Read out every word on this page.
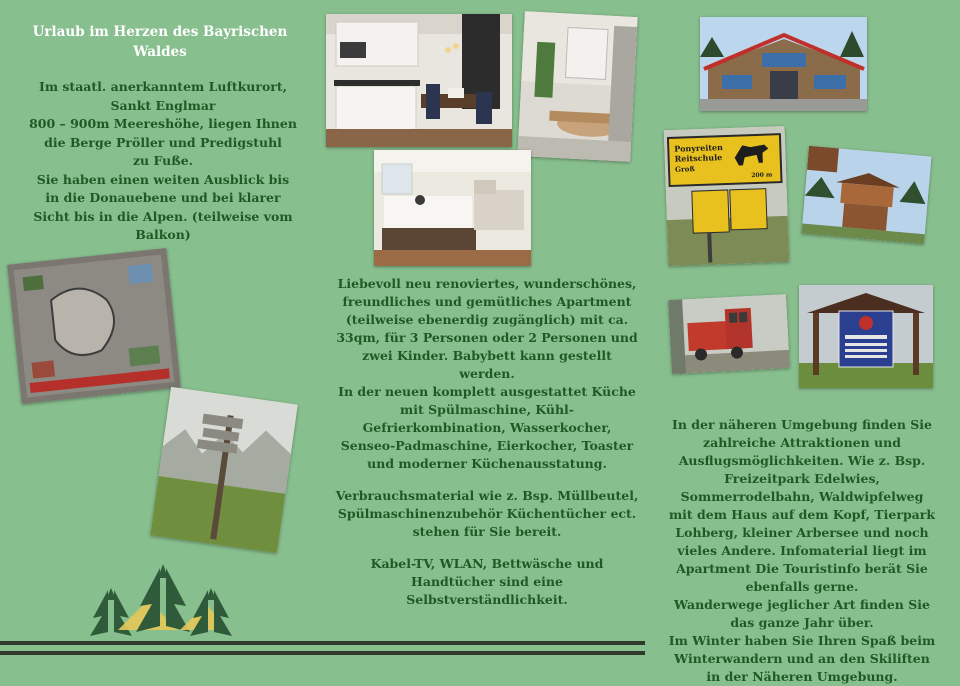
Urlaub im Herzen des Bayrischen
Waldes

Im staatl. anerkanntem Luftkurort,

Sankt Englmar

800 – 900m Meereshöhe, liegen Ihnen

die Berge Pröller und Predigstuhl

zu Fuße.

Sie haben einen weiten Ausblick bis

in die Donauebene und bei klarer

Sicht bis in die Alpen. (teilweise vom

Balkon)

Ponyreiten
Reitschule
Groß
200 m

Liebevoll neu renoviertes, wunderschönes,

freundliches und gemütliches Apartment

(teilweise ebenerdig zugänglich) mit ca.

33qm, für 3 Personen oder 2 Personen und

zwei Kinder. Babybett kann gestellt

werden.

In der neuen komplett ausgestattet Küche

mit Spülmaschine, Kühl-

Gefrierkombination, Wasserkocher,

Senseo-Padmaschine, Eierkocher, Toaster

und moderner Küchenausstatung.

Verbrauchsmaterial wie z. Bsp. Müllbeutel,

Spülmaschinenzubehör Küchentücher ect.

stehen für Sie bereit.

Kabel-TV, WLAN, Bettwäsche und

Handtücher sind eine

Selbstverständlichkeit.

In der näheren Umgebung finden Sie

zahlreiche Attraktionen und

Ausflugsmöglichkeiten. Wie z. Bsp.

Freizeitpark Edelwies,

Sommerrodelbahn, Waldwipfelweg

mit dem Haus auf dem Kopf, Tierpark

Lohberg, kleiner Arbersee und noch

vieles Andere. Infomaterial liegt im

Apartment Die Touristinfo berät Sie

ebenfalls gerne.

Wanderwege jeglicher Art finden Sie

das ganze Jahr über.

Im Winter haben Sie Ihren Spaß beim

Winterwandern und an den Skiliften

in der Näheren Umgebung.
